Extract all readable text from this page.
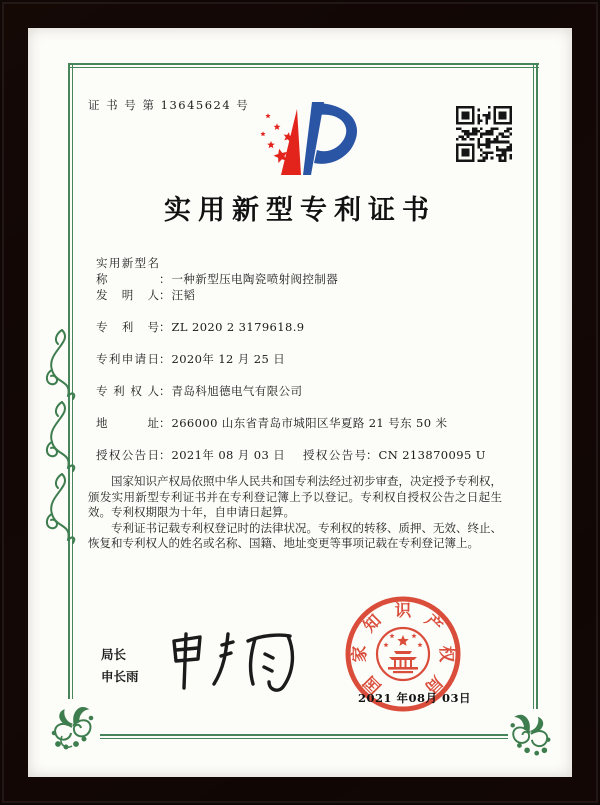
证 书 号 第 13645624 号
实用新型专利证书
实用新型名称	：一种新型压电陶瓷喷射阀控制器
发明人：汪韬
专利号：ZL 2020 2 3179618.9
专利申请日：2020年 12 月 25 日
专利权人：青岛科旭德电气有限公司
地址：266000 山东省青岛市城阳区华夏路 21 号东 50 米
授权公告日：2021年 08 月 03 日 授权公告号：CN 213870095 U

国家知识产权局依照中华人民共和国专利法经过初步审查，决定授予专利权，颁发实用新型专利证书并在专利登记簿上予以登记。专利权自授权公告之日起生效。专利权期限为十年，自申请日起算。

专利证书记载专利权登记时的法律状况。专利权的转移、质押、无效、终止、恢复和专利权人的姓名或名称、国籍、地址变更等事项记载在专利登记簿上。

局长
申长雨	国
家
知
识
产
权
局
2021 年08月 03日
